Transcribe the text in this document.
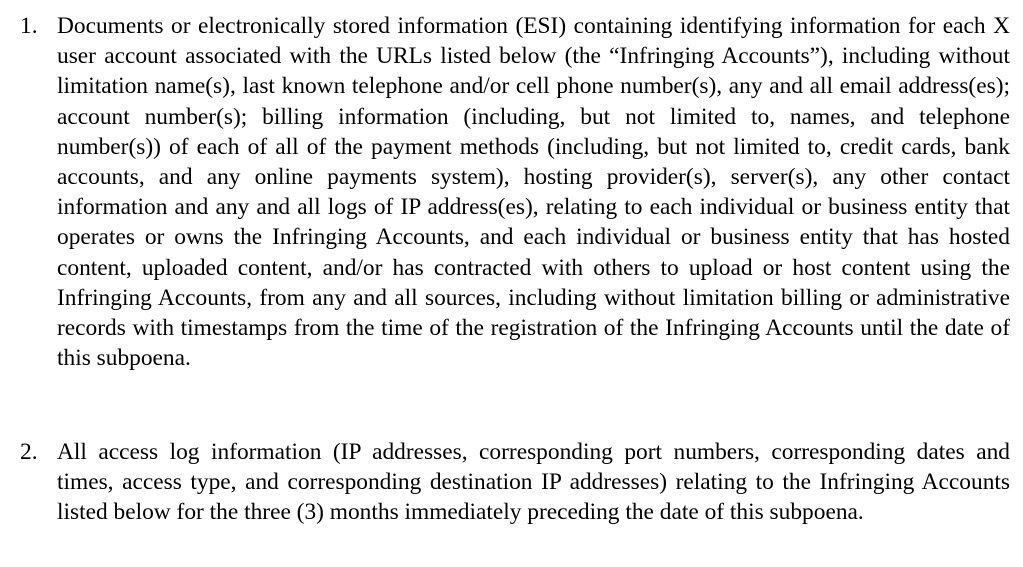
1. Documents or electronically stored information (ESI) containing identifying information for each X user account associated with the URLs listed below (the “Infringing Accounts”), including without limitation name(s), last known telephone and/or cell phone number(s), any and all email address(es); account number(s); billing information (including, but not limited to, names, and telephone number(s)) of each of all of the payment methods (including, but not limited to, credit cards, bank accounts, and any online payments system), hosting provider(s), server(s), any other contact information and any and all logs of IP address(es), relating to each individual or business entity that operates or owns the Infringing Accounts, and each individual or business entity that has hosted content, uploaded content, and/or has contracted with others to upload or host content using the Infringing Accounts, from any and all sources, including without limitation billing or administrative records with timestamps from the time of the registration of the Infringing Accounts until the date of this subpoena.
2. All access log information (IP addresses, corresponding port numbers, corresponding dates and times, access type, and corresponding destination IP addresses) relating to the Infringing Accounts listed below for the three (3) months immediately preceding the date of this subpoena.
